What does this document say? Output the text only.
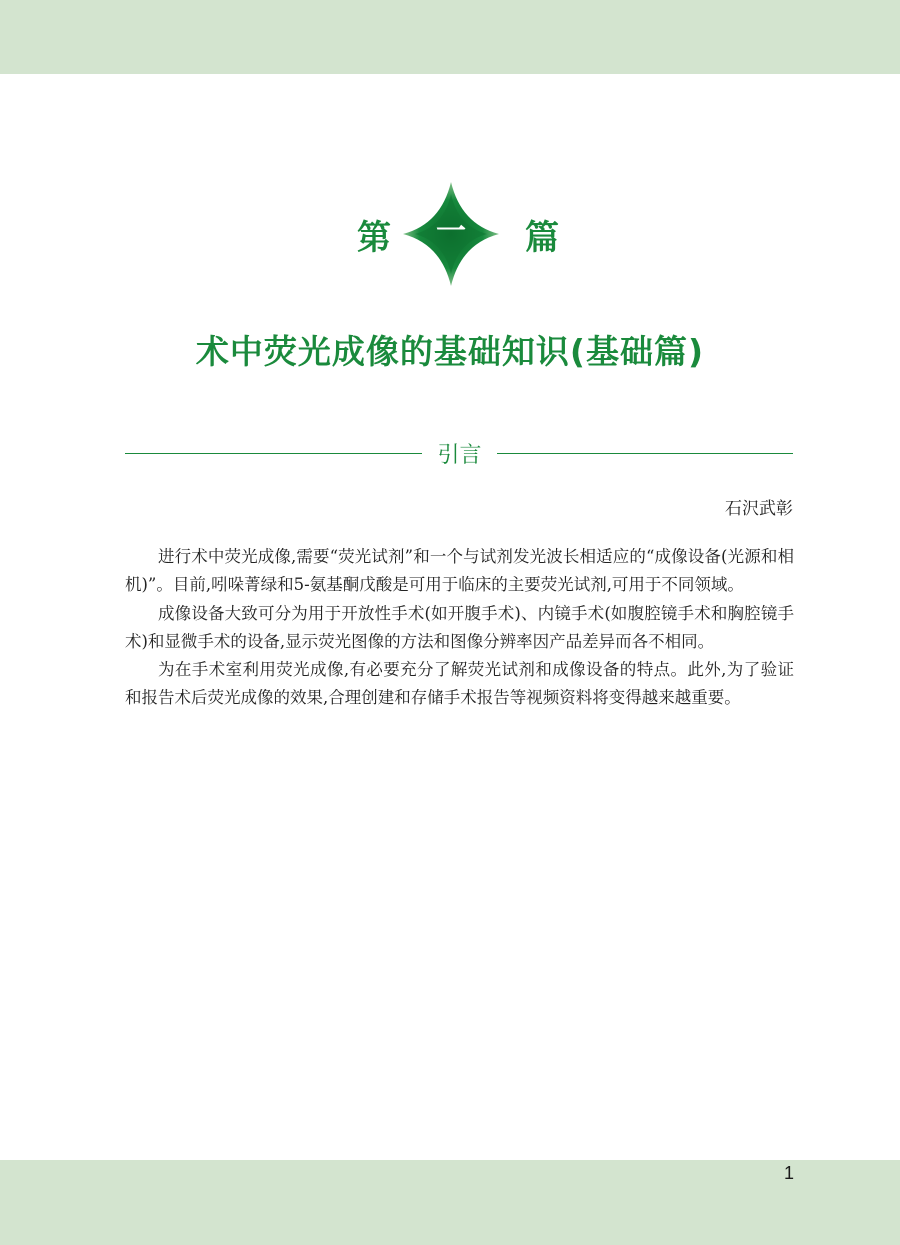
第	一	篇
术中荧光成像的基础知识(基础篇)
引言
石沢武彰

进行术中荧光成像,需要“荧光试剂”和一个与试剂发光波长相适应的“成像设备(光源和相机)”。目前,吲哚菁绿和5-氨基酮戊酸是可用于临床的主要荧光试剂,可用于不同领域。

成像设备大致可分为用于开放性手术(如开腹手术)、内镜手术(如腹腔镜手术和胸腔镜手术)和显微手术的设备,显示荧光图像的方法和图像分辨率因产品差异而各不相同。

为在手术室利用荧光成像,有必要充分了解荧光试剂和成像设备的特点。此外,为了验证和报告术后荧光成像的效果,合理创建和存储手术报告等视频资料将变得越来越重要。

1
